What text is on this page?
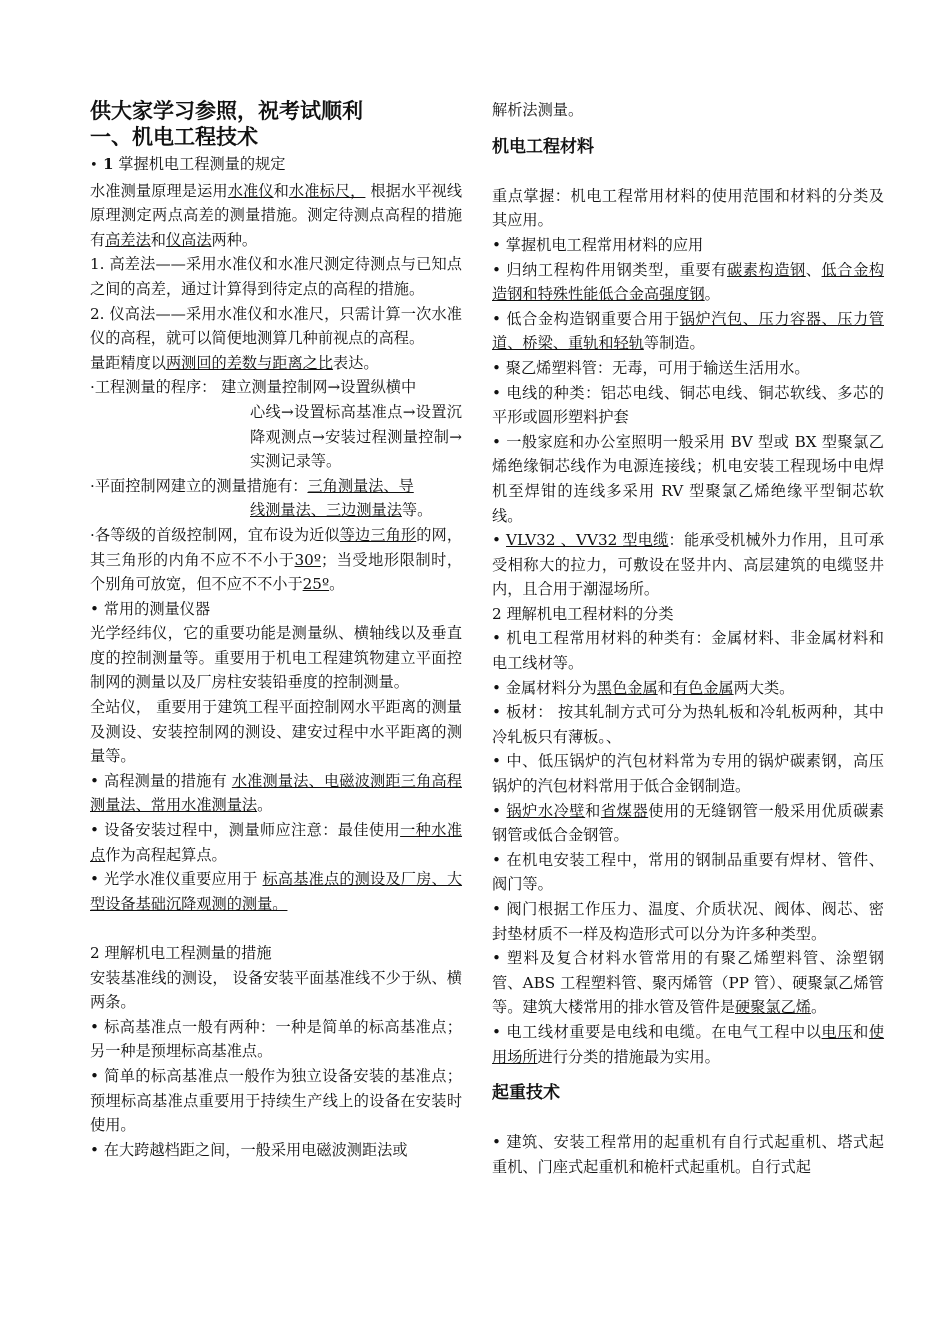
供大家学习参照，祝考试顺利

一、机电工程技术

• 1 掌握机电工程测量的规定

水准测量原理是运用水准仪和水准标尺， 根据水平视线原理测定两点高差的测量措施。测定待测点高程的措施有高差法和仪高法两种。

1. 高差法——采用水准仪和水准尺测定待测点与已知点之间的高差，通过计算得到待定点的高程的措施。

2. 仪高法——采用水准仪和水准尺，只需计算一次水准仪的高程，就可以简便地测算几种前视点的高程。

量距精度以两测回的差数与距离之比表达。

·工程测量的程序： 建立测量控制网→设置纵横中

心线→设置标高基准点→设置沉降观测点→安装过程测量控制→实测记录等。

·平面控制网建立的测量措施有：三角测量法、导

线测量法、三边测量法等。

·各等级的首级控制网，宜布设为近似等边三角形的网，其三角形的内角不应不不小于30º；当受地形限制时，个别角可放宽，但不应不不小于25º。

• 常用的测量仪器

光学经纬仪，它的重要功能是测量纵、横轴线以及垂直度的控制测量等。重要用于机电工程建筑物建立平面控制网的测量以及厂房柱安装铅垂度的控制测量。

全站仪， 重要用于建筑工程平面控制网水平距离的测量及测设、安装控制网的测设、建安过程中水平距离的测量等。

• 高程测量的措施有 水准测量法、电磁波测距三角高程测量法、常用水准测量法。

• 设备安装过程中，测量师应注意：最佳使用一种水准点作为高程起算点。

• 光学水准仪重要应用于 标高基准点的测设及厂房、大型设备基础沉降观测的测量。

2 理解机电工程测量的措施

安装基准线的测设， 设备安装平面基准线不少于纵、横两条。

• 标高基准点一般有两种：一种是简单的标高基准点；另一种是预埋标高基准点。

• 简单的标高基准点一般作为独立设备安装的基准点；预埋标高基准点重要用于持续生产线上的设备在安装时使用。

• 在大跨越档距之间，一般采用电磁波测距法或

解析法测量。

机电工程材料

重点掌握：机电工程常用材料的使用范围和材料的分类及其应用。

• 掌握机电工程常用材料的应用

• 归纳工程构件用钢类型，重要有碳素构造钢、低合金构造钢和特殊性能低合金高强度钢。

• 低合金构造钢重要合用于锅炉汽包、压力容器、压力管道、桥梁、重轨和轻轨等制造。

• 聚乙烯塑料管：无毒，可用于输送生活用水。

• 电线的种类：铝芯电线、铜芯电线、铜芯软线、多芯的平形或圆形塑料护套

• 一般家庭和办公室照明一般采用 BV 型或 BX 型聚氯乙烯绝缘铜芯线作为电源连接线；机电安装工程现场中电焊机至焊钳的连线多采用 RV 型聚氯乙烯绝缘平型铜芯软线。

• VLV32 、VV32 型电缆：能承受机械外力作用，且可承受相称大的拉力，可敷设在竖井内、高层建筑的电缆竖井内，且合用于潮湿场所。

2 理解机电工程材料的分类

• 机电工程常用材料的种类有：金属材料、非金属材料和电工线材等。

• 金属材料分为黑色金属和有色金属两大类。

• 板材： 按其轧制方式可分为热轧板和冷轧板两种，其中冷轧板只有薄板。、

• 中、低压锅炉的汽包材料常为专用的锅炉碳素钢，高压锅炉的汽包材料常用于低合金钢制造。

• 锅炉水冷壁和省煤器使用的无缝钢管一般采用优质碳素钢管或低合金钢管。

• 在机电安装工程中，常用的钢制品重要有焊材、管件、阀门等。

• 阀门根据工作压力、温度、介质状况、阀体、阀芯、密封垫材质不一样及构造形式可以分为许多种类型。

• 塑料及复合材料水管常用的有聚乙烯塑料管、涂塑钢管、ABS 工程塑料管、聚丙烯管（PP 管）、硬聚氯乙烯管等。建筑大楼常用的排水管及管件是硬聚氯乙烯。

• 电工线材重要是电线和电缆。在电气工程中以电压和使用场所进行分类的措施最为实用。

起重技术

• 建筑、安装工程常用的起重机有自行式起重机、塔式起重机、门座式起重机和桅杆式起重机。自行式起
